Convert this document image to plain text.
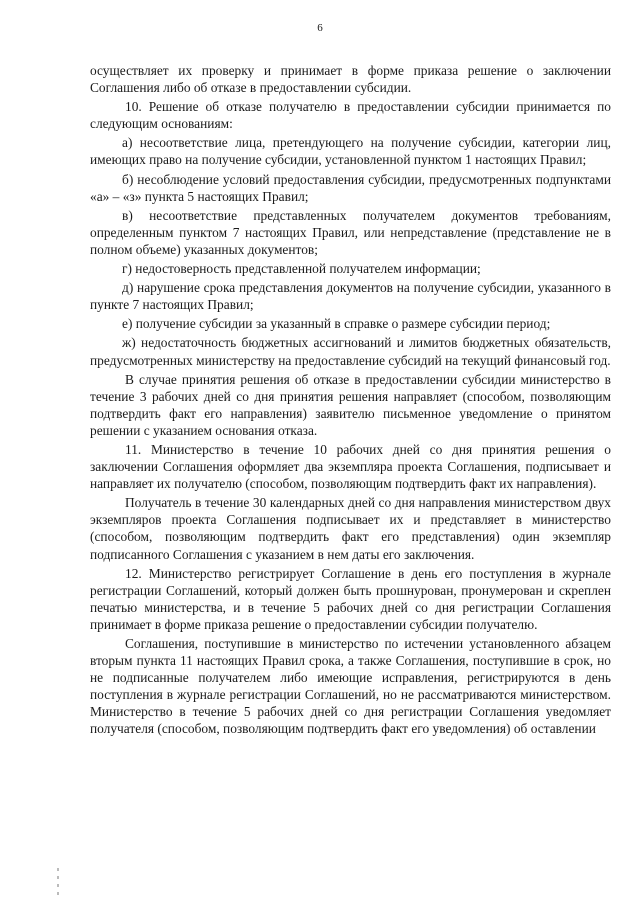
6

осуществляет их проверку и принимает в форме приказа решение о заключении Соглашения либо об отказе в предоставлении субсидии.

10. Решение об отказе получателю в предоставлении субсидии принимается по следующим основаниям:

а) несоответствие лица, претендующего на получение субсидии, категории лиц, имеющих право на получение субсидии, установленной пунктом 1 настоящих Правил;

б) несоблюдение условий предоставления субсидии, предусмотренных подпунктами «а» – «з» пункта 5 настоящих Правил;

в) несоответствие представленных получателем документов требованиям, определенным пунктом 7 настоящих Правил, или непредставление (представление не в полном объеме) указанных документов;

г) недостоверность представленной получателем информации;

д) нарушение срока представления документов на получение субсидии, указанного в пункте 7 настоящих Правил;

е) получение субсидии за указанный в справке о размере субсидии период;

ж) недостаточность бюджетных ассигнований и лимитов бюджетных обязательств, предусмотренных министерству на предоставление субсидий на текущий финансовый год.

В случае принятия решения об отказе в предоставлении субсидии министерство в течение 3 рабочих дней со дня принятия решения направляет (способом, позволяющим подтвердить факт его направления) заявителю письменное уведомление о принятом решении с указанием основания отказа.

11. Министерство в течение 10 рабочих дней со дня принятия решения о заключении Соглашения оформляет два экземпляра проекта Соглашения, подписывает и направляет их получателю (способом, позволяющим подтвердить факт их направления).

Получатель в течение 30 календарных дней со дня направления министерством двух экземпляров проекта Соглашения подписывает их и представляет в министерство (способом, позволяющим подтвердить факт его представления) один экземпляр подписанного Соглашения с указанием в нем даты его заключения.

12. Министерство регистрирует Соглашение в день его поступления в журнале регистрации Соглашений, который должен быть прошнурован, пронумерован и скреплен печатью министерства, и в течение 5 рабочих дней со дня регистрации Соглашения принимает в форме приказа решение о предоставлении субсидии получателю.

Соглашения, поступившие в министерство по истечении установленного абзацем вторым пункта 11 настоящих Правил срока, а также Соглашения, поступившие в срок, но не подписанные получателем либо имеющие исправления, регистрируются в день поступления в журнале регистрации Соглашений, но не рассматриваются министерством. Министерство в течение 5 рабочих дней со дня регистрации Соглашения уведомляет получателя (способом, позволяющим подтвердить факт его уведомления) об оставлении
